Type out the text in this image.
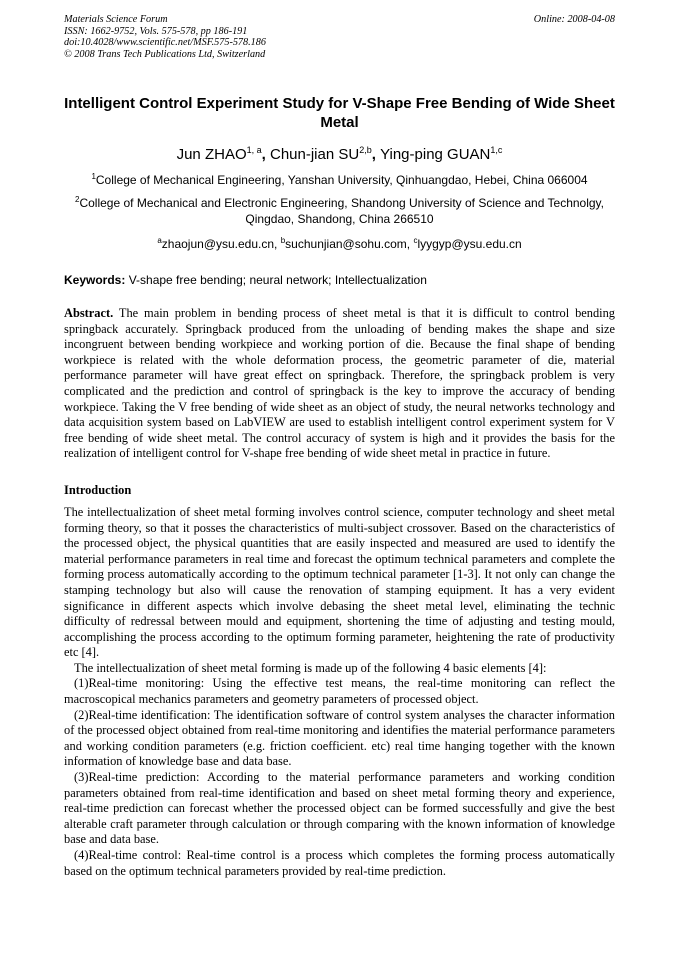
Materials Science Forum
ISSN: 1662-9752, Vols. 575-578, pp 186-191
doi:10.4028/www.scientific.net/MSF.575-578.186
© 2008 Trans Tech Publications Ltd, Switzerland
Online: 2008-04-08
Intelligent Control Experiment Study for V-Shape Free Bending of Wide Sheet Metal
Jun ZHAO$^{1, a}$, Chun-jian SU$^{2,b}$, Ying-ping GUAN$^{1,c}$
$^1$College of Mechanical Engineering, Yanshan University, Qinhuangdao, Hebei, China 066004
$^2$College of Mechanical and Electronic Engineering, Shandong University of Science and Technolgy, Qingdao, Shandong, China 266510
$^a$zhaojun@ysu.edu.cn, $^b$suchunjian@sohu.com, $^c$lyygyp@ysu.edu.cn
Keywords: V-shape free bending; neural network; Intellectualization
Abstract. The main problem in bending process of sheet metal is that it is difficult to control bending springback accurately. Springback produced from the unloading of bending makes the shape and size incongruent between bending workpiece and working portion of die. Because the final shape of bending workpiece is related with the whole deformation process, the geometric parameter of die, material performance parameter will have great effect on springback. Therefore, the springback problem is very complicated and the prediction and control of springback is the key to improve the accuracy of bending workpiece. Taking the V free bending of wide sheet as an object of study, the neural networks technology and data acquisition system based on LabVIEW are used to establish intelligent control experiment system for V free bending of wide sheet metal. The control accuracy of system is high and it provides the basis for the realization of intelligent control for V-shape free bending of wide sheet metal in practice in future.
Introduction

The intellectualization of sheet metal forming involves control science, computer technology and sheet metal forming theory, so that it posses the characteristics of multi-subject crossover. Based on the characteristics of the processed object, the physical quantities that are easily inspected and measured are used to identify the material performance parameters in real time and forecast the optimum technical parameters and complete the forming process automatically according to the optimum technical parameter [1-3]. It not only can change the stamping technology but also will cause the renovation of stamping equipment. It has a very evident significance in different aspects which involve debasing the sheet metal level, eliminating the technic difficulty of redressal between mould and equipment, shortening the time of adjusting and testing mould, accomplishing the process according to the optimum forming parameter, heightening the rate of productivity etc [4].

The intellectualization of sheet metal forming is made up of the following 4 basic elements [4]:

(1)Real-time monitoring: Using the effective test means, the real-time monitoring can reflect the macroscopical mechanics parameters and geometry parameters of processed object.

(2)Real-time identification: The identification software of control system analyses the character information of the processed object obtained from real-time monitoring and identifies the material performance parameters and working condition parameters (e.g. friction coefficient. etc) real time hanging together with the known information of knowledge base and data base.

(3)Real-time prediction: According to the material performance parameters and working condition parameters obtained from real-time identification and based on sheet metal forming theory and experience, real-time prediction can forecast whether the processed object can be formed successfully and give the best alterable craft parameter through calculation or through comparing with the known information of knowledge base and data base.

(4)Real-time control: Real-time control is a process which completes the forming process automatically based on the optimum technical parameters provided by real-time prediction.
